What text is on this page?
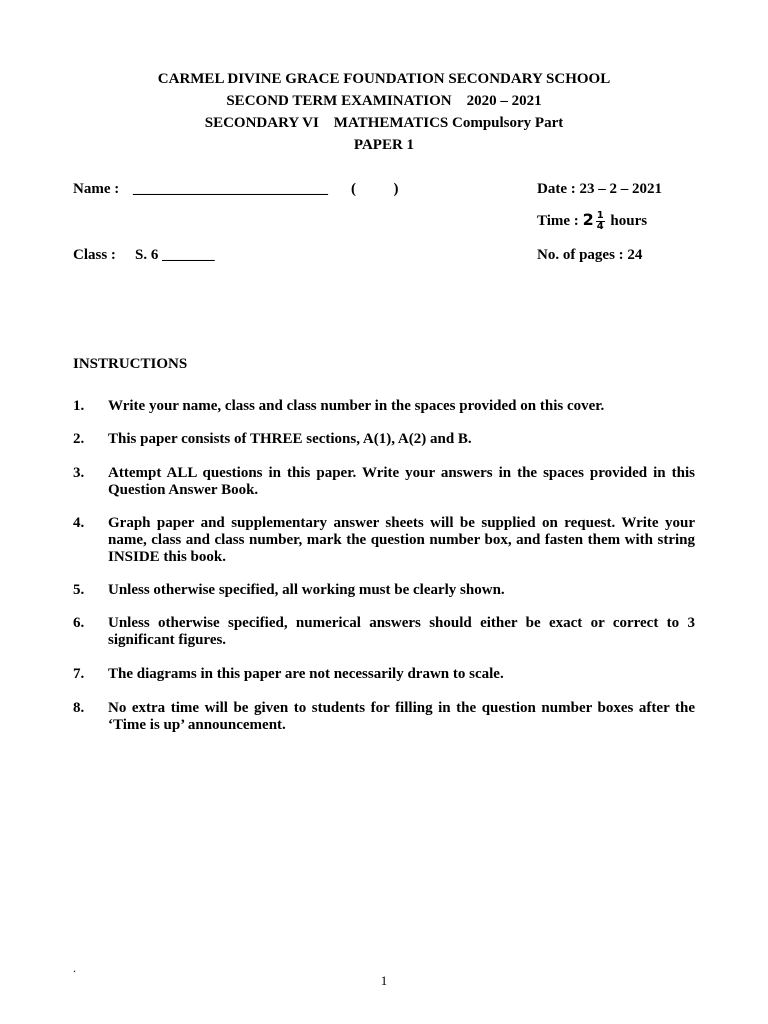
CARMEL DIVINE GRACE FOUNDATION SECONDARY SCHOOL
SECOND TERM EXAMINATION    2020 – 2021
SECONDARY VI    MATHEMATICS Compulsory Part
PAPER 1
Name : __________________________ (          )	Date : 23 – 2 – 2021
Time : $2 \frac{1}{4}$ hours
Class : S. 6 _______	No. of pages : 24
INSTRUCTIONS
1. Write your name, class and class number in the spaces provided on this cover.
2. This paper consists of THREE sections, A(1), A(2) and B.
3. Attempt ALL questions in this paper. Write your answers in the spaces provided in this Question Answer Book.
4. Graph paper and supplementary answer sheets will be supplied on request. Write your name, class and class number, mark the question number box, and fasten them with string INSIDE this book.
5. Unless otherwise specified, all working must be clearly shown.
6. Unless otherwise specified, numerical answers should either be exact or correct to 3 significant figures.
7. The diagrams in this paper are not necessarily drawn to scale.
8. No extra time will be given to students for filling in the question number boxes after the ‘Time is up’ announcement.
.
1
